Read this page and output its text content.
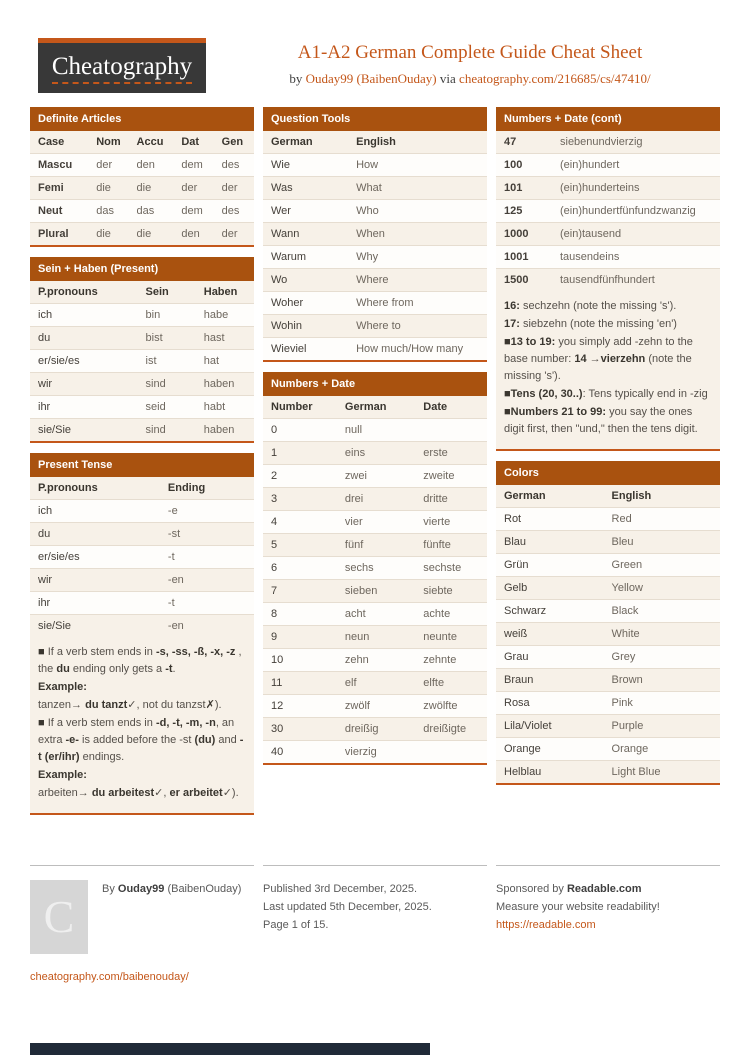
Cheatography	A1-A2 German Complete Guide Cheat Sheet
by Ouday99 (BaibenOuday) via cheatography.com/216685/cs/47410/
Definite Articles
Case	Nom	Accu	Dat	Gen
Mascu	der	den	dem	des
Femi	die	die	der	der
Neut	das	das	dem	des
Plural	die	die	den	der
Sein + Haben (Present)
P.pronouns	Sein	Haben
ich	bin	habe
du	bist	hast
er/sie/es	ist	hat
wir	sind	haben
ihr	seid	habt
sie/Sie	sind	haben
Present Tense
P.pronouns	Ending
ich	-e
du	-st
er/sie/es	-t
wir	-en
ihr	-t
sie/Sie	-en
■ If a verb stem ends in -s, -ss, -ß, -x, -z , the du ending only gets a -t.
Example:
tanzen→ du tanzt✓, not du tanzst✗).
■ If a verb stem ends in -d, -t, -m, -n, an extra -e- is added before the -st (du) and -t (er/ihr) endings.
Example:
arbeiten→ du arbeitest✓, er arbeitet✓).
Question Tools
German	English
Wie	How
Was	What
Wer	Who
Wann	When
Warum	Why
Wo	Where
Woher	Where from
Wohin	Where to
Wieviel	How much/How many
Numbers + Date
Number	German	Date
0	null
1	eins	erste
2	zwei	zweite
3	drei	dritte
4	vier	vierte
5	fünf	fünfte
6	sechs	sechste
7	sieben	siebte
8	acht	achte
9	neun	neunte
10	zehn	zehnte
11	elf	elfte
12	zwölf	zwölfte
30	dreißig	dreißigte
40	vierzig
Numbers + Date (cont)
47	siebenundvierzig
100	(ein)hundert
101	(ein)hunderteins
125	(ein)hundertfünfundzwanzig
1000	(ein)tausend
1001	tausendeins
1500	tausendfünfhundert
16: sechzehn (note the missing 's').
17: siebzehn (note the missing 'en')
■13 to 19: you simply add -zehn to the base number: 14 →vierzehn (note the missing 's').
■Tens (20, 30..): Tens typically end in -zig
■Numbers 21 to 99: you say the ones digit first, then "und," then the tens digit.
Colors
German	English
Rot	Red
Blau	Bleu
Grün	Green
Gelb	Yellow
Schwarz	Black
weiß	White
Grau	Grey
Braun	Brown
Rosa	Pink
Lila/Violet	Purple
Orange	Orange
Helblau	Light Blue
C
By Ouday99 (BaibenOuday)
cheatography.com/baibenouday/
Published 3rd December, 2025.
Last updated 5th December, 2025.
Page 1 of 15.
Sponsored by Readable.com
Measure your website readability!
https://readable.com
